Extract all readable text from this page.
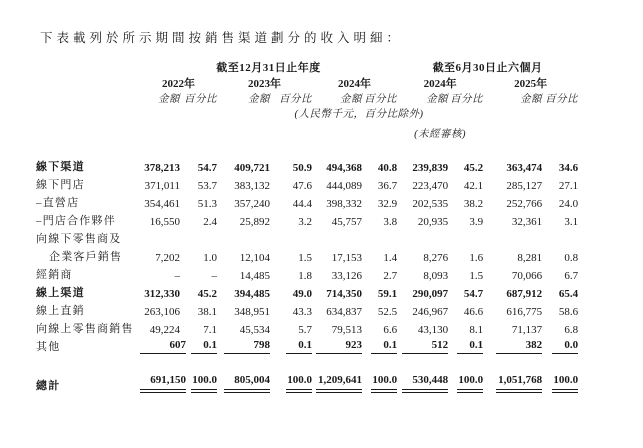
下表載列於所示期間按銷售渠道劃分的收入明細：
	截至12月31日止年度						截至6月30日止六個月			
	2022年		2023年		2024年		2024年		2025年	
	金額	百分比	金額	百分比	金額	百分比	金額	百分比	金額	百分比
	(人民幣千元，百分比除外)									
							(未經審核)			

線下渠道	378,213	54.7	409,721	50.9	494,368	40.8	239,839	45.2	363,474	34.6
線下門店	371,011	53.7	383,132	47.6	444,089	36.7	223,470	42.1	285,127	27.1
–直營店	354,461	51.3	357,240	44.4	398,332	32.9	202,535	38.2	252,766	24.0
–門店合作夥伴	16,550	2.4	25,892	3.2	45,757	3.8	20,935	3.9	32,361	3.1
向線下零售商及										
企業客戶銷售	7,202	1.0	12,104	1.5	17,153	1.4	8,276	1.6	8,281	0.8
經銷商	–	–	14,485	1.8	33,126	2.7	8,093	1.5	70,066	6.7
線上渠道	312,330	45.2	394,485	49.0	714,350	59.1	290,097	54.7	687,912	65.4
線上直銷	263,106	38.1	348,951	43.3	634,837	52.5	246,967	46.6	616,775	58.6
向線上零售商銷售	49,224	7.1	45,534	5.7	79,513	6.6	43,130	8.1	71,137	6.8
其他	607	0.1	798	0.1	923	0.1	512	0.1	382	0.0
總計	691,150	100.0	805,004	100.0	1,209,641	100.0	530,448	100.0	1,051,768	100.0
